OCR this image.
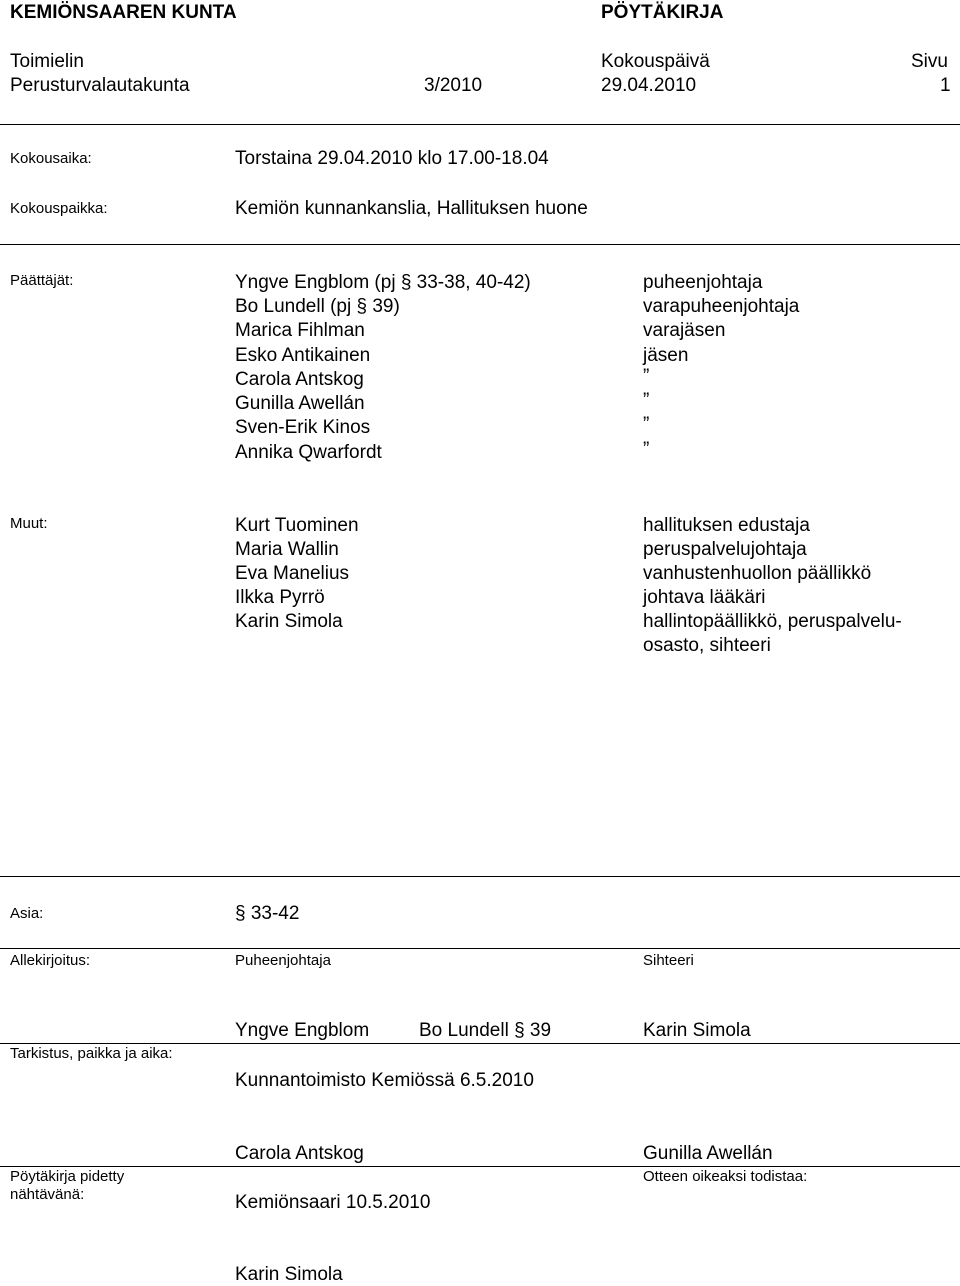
KEMIÖNSAAREN KUNTA	PÖYTÄKIRJA
Toimielin	Kokouspäivä	Sivu
Perusturvalautakunta	3/2010	29.04.2010	1
Kokousaika:	Torstaina 29.04.2010 klo 17.00-18.04
Kokouspaikka:	Kemiön kunnankanslia, Hallituksen huone
Päättäjät:	Yngve Engblom (pj § 33-38, 40-42)	puheenjohtaja
Bo Lundell (pj § 39)	varapuheenjohtaja
Marica Fihlman	varajäsen
Esko Antikainen	jäsen
Carola Antskog	”
Gunilla Awellán	”
Sven-Erik Kinos	”
Annika Qwarfordt	”
Muut:	Kurt Tuominen	hallituksen edustaja
Maria Wallin	peruspalvelujohtaja
Eva Manelius	vanhustenhuollon päällikkö
Ilkka Pyrrö	johtava lääkäri
Karin Simola	hallintopäällikkö, peruspalvelu-
osasto, sihteeri
Asia:	§ 33-42
Allekirjoitus:	Puheenjohtaja	Sihteeri
Yngve Engblom	Bo Lundell § 39	Karin Simola
Tarkistus, paikka ja aika:
Kunnantoimisto Kemiössä 6.5.2010
Carola Antskog	Gunilla Awellán
Pöytäkirja pidetty
nähtävänä:
Otteen oikeaksi todistaa:
Kemiönsaari 10.5.2010
Karin Simola
